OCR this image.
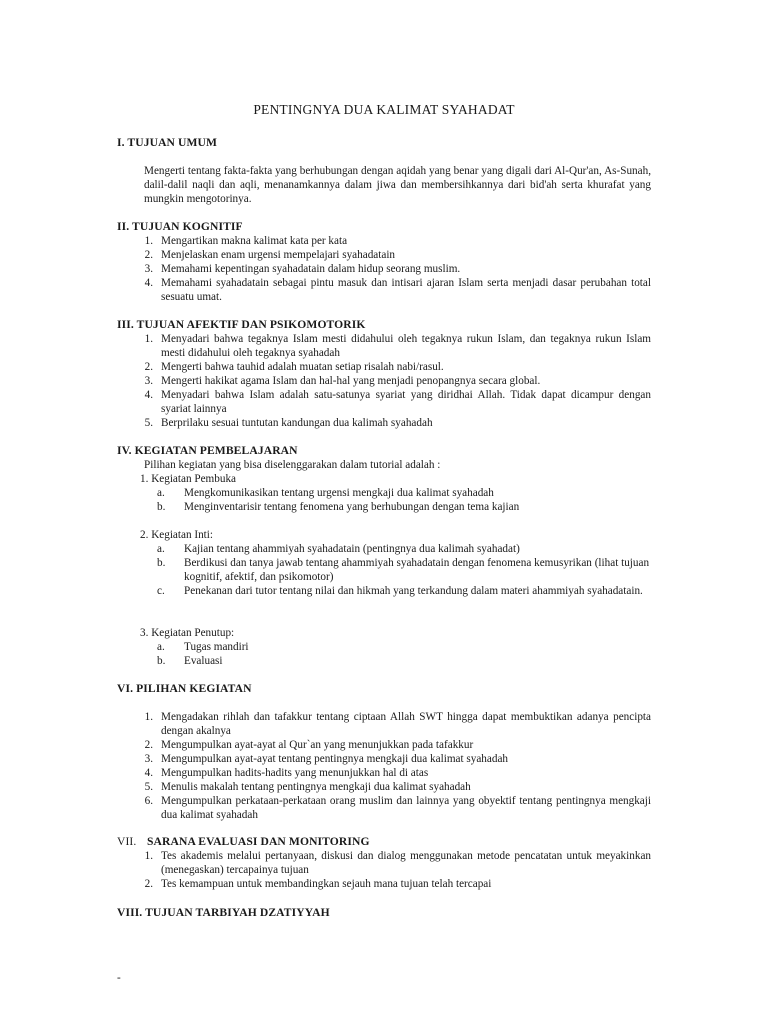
PENTINGNYA DUA KALIMAT SYAHADAT
I. TUJUAN UMUM
Mengerti tentang fakta-fakta yang berhubungan dengan aqidah yang benar yang digali dari Al-Qur'an, As-Sunah, dalil-dalil naqli dan aqli, menanamkannya dalam jiwa dan membersihkannya dari bid'ah serta khurafat yang mungkin mengotorinya.
II. TUJUAN KOGNITIF
1. Mengartikan makna kalimat kata per kata
2. Menjelaskan enam urgensi mempelajari syahadatain
3. Memahami kepentingan syahadatain dalam hidup seorang muslim.
4. Memahami syahadatain sebagai pintu masuk dan intisari ajaran Islam serta menjadi dasar perubahan total sesuatu umat.
III. TUJUAN AFEKTIF DAN PSIKOMOTORIK
1. Menyadari bahwa tegaknya Islam mesti didahului oleh tegaknya rukun Islam, dan tegaknya rukun Islam mesti didahului oleh tegaknya syahadah
2. Mengerti bahwa tauhid adalah muatan setiap risalah nabi/rasul.
3. Mengerti hakikat agama Islam dan hal-hal yang menjadi penopangnya secara global.
4. Menyadari bahwa Islam adalah satu-satunya syariat yang diridhai Allah. Tidak dapat dicampur dengan syariat lainnya
5. Berprilaku sesuai tuntutan kandungan dua kalimah syahadah
IV. KEGIATAN PEMBELAJARAN
Pilihan kegiatan yang bisa diselenggarakan dalam tutorial adalah :
1. Kegiatan Pembuka
a.	Mengkomunikasikan tentang urgensi mengkaji dua kalimat syahadah
b.	Menginventarisir tentang fenomena yang berhubungan dengan tema kajian
2. Kegiatan Inti:
a.	Kajian tentang ahammiyah syahadatain (pentingnya dua kalimah syahadat)
b.	Berdikusi dan tanya jawab tentang ahammiyah syahadatain dengan fenomena kemusyrikan (lihat tujuan kognitif, afektif, dan psikomotor)
c.	Penekanan dari tutor tentang nilai dan hikmah yang terkandung dalam materi ahammiyah syahadatain.
3. Kegiatan Penutup:
a.	Tugas mandiri
b.	Evaluasi
VI. PILIHAN KEGIATAN
1. Mengadakan rihlah dan tafakkur tentang ciptaan Allah SWT hingga dapat membuktikan adanya pencipta dengan akalnya
2. Mengumpulkan ayat-ayat al Qur`an yang menunjukkan pada tafakkur
3. Mengumpulkan ayat-ayat tentang pentingnya mengkaji dua kalimat syahadah
4. Mengumpulkan hadits-hadits yang menunjukkan hal di atas
5. Menulis makalah tentang pentingnya mengkaji dua kalimat syahadah
6. Mengumpulkan perkataan-perkataan orang muslim dan lainnya yang obyektif tentang pentingnya mengkaji dua kalimat syahadah
VII. SARANA EVALUASI DAN MONITORING
1. Tes akademis melalui pertanyaan, diskusi dan dialog menggunakan metode pencatatan untuk meyakinkan (menegaskan) tercapainya tujuan
2. Tes kemampuan untuk membandingkan sejauh mana tujuan telah tercapai
VIII. TUJUAN TARBIYAH DZATIYYAH
-
